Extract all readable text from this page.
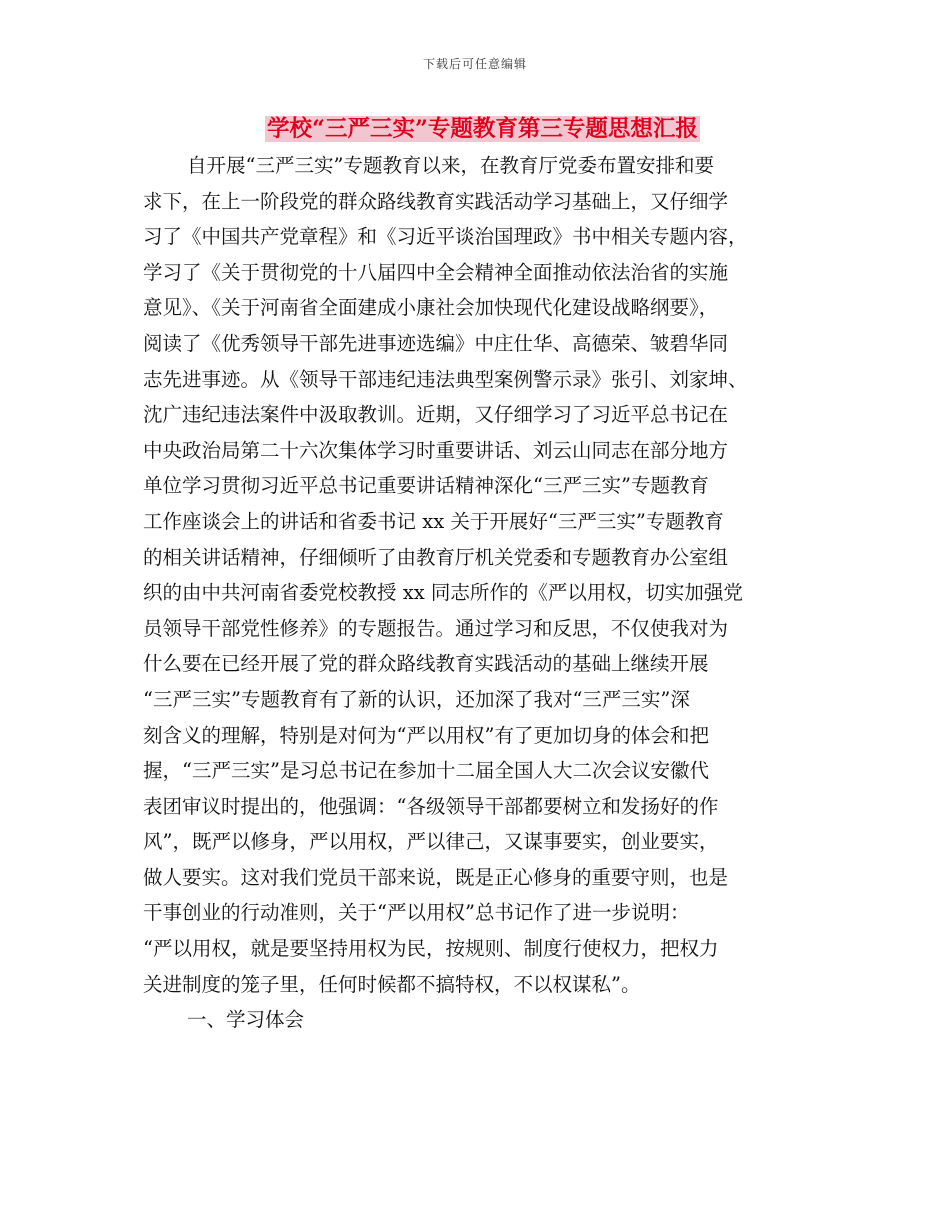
下载后可任意编辑
学校“三严三实”专题教育第三专题思想汇报
自开展“三严三实”专题教育以来，在教育厅党委布置安排和要
求下，在上一阶段党的群众路线教育实践活动学习基础上，又仔细学
习了《中国共产党章程》和《习近平谈治国理政》书中相关专题内容，
学习了《关于贯彻党的十八届四中全会精神全面推动依法治省的实施
意见》、《关于河南省全面建成小康社会加快现代化建设战略纲要》，
阅读了《优秀领导干部先进事迹选编》中庄仕华、高德荣、皱碧华同
志先进事迹。从《领导干部违纪违法典型案例警示录》张引、刘家坤、
沈广违纪违法案件中汲取教训。近期，又仔细学习了习近平总书记在
中央政治局第二十六次集体学习时重要讲话、刘云山同志在部分地方
单位学习贯彻习近平总书记重要讲话精神深化“三严三实”专题教育
工作座谈会上的讲话和省委书记 xx 关于开展好“三严三实”专题教育
的相关讲话精神，仔细倾听了由教育厅机关党委和专题教育办公室组
织的由中共河南省委党校教授 xx 同志所作的《严以用权，切实加强党
员领导干部党性修养》的专题报告。通过学习和反思，不仅使我对为
什么要在已经开展了党的群众路线教育实践活动的基础上继续开展
“三严三实”专题教育有了新的认识，还加深了我对“三严三实”深
刻含义的理解，特别是对何为“严以用权”有了更加切身的体会和把
握，“三严三实”是习总书记在参加十二届全国人大二次会议安徽代
表团审议时提出的，他强调：“各级领导干部都要树立和发扬好的作
风”，既严以修身，严以用权，严以律己，又谋事要实，创业要实，
做人要实。这对我们党员干部来说，既是正心修身的重要守则，也是
干事创业的行动准则，关于“严以用权”总书记作了进一步说明：
“严以用权，就是要坚持用权为民，按规则、制度行使权力，把权力
关进制度的笼子里，任何时候都不搞特权，不以权谋私”。
一、学习体会
